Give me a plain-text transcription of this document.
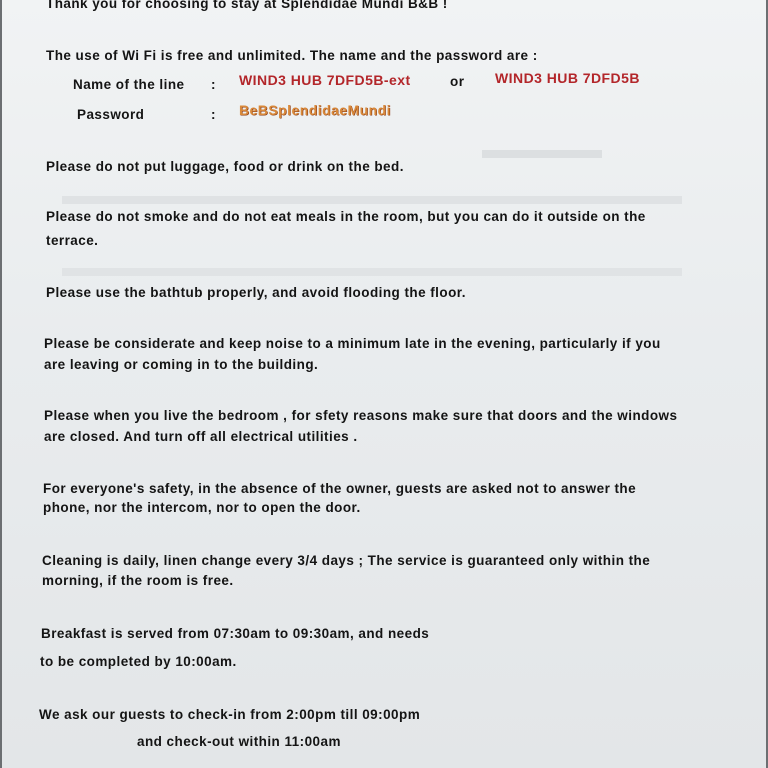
Thank you for choosing to stay at Splendidae Mundi B&B !

The use of Wi Fi is free and unlimited. The name and the password are :

Name of the line : WIND3 HUB 7DFD5B-ext	or WIND3 HUB 7DFD5B

Password	: BeBSplendidaeMundi

Please do not put luggage, food or drink on the bed.

Please do not smoke and do not eat meals in the room, but you can do it outside on the

terrace.

Please use the bathtub properly, and avoid flooding the floor.

Please be considerate and keep noise to a minimum late in the evening, particularly if you

are leaving or coming in to the building.

Please when you live the bedroom , for sfety reasons make sure that doors and the windows

are closed. And turn off all electrical utilities .

For everyone's safety, in the absence of the owner, guests are asked not to answer the

phone, nor the intercom, nor to open the door.

Cleaning is daily, linen change every 3/4 days ; The service is guaranteed only within the

morning, if the room is free.

Breakfast is served from 07:30am to 09:30am, and needs

to be completed by 10:00am.

We ask our guests to check-in from 2:00pm till 09:00pm

and check-out within 11:00am
